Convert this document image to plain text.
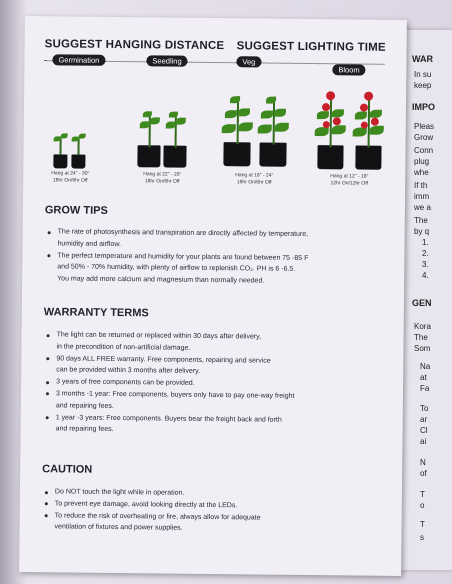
WAR
In su
keep
IMPO
Pleas
Grow
Conn
plug
whe
If th
imm
we a
The
by q
1.
2.
3.
4.
GEN
Kora
The
Som
Na
at
Fa
To
ar
Cl
ai
N
of
T
o
T
s
SUGGEST HANGING DISTANCE SUGGEST LIGHTING TIME
Germination	Seedling	Veg
Bloom
Hang at 24" - 30"
18hr On/6hr Off
Hang at 22" - 26"
18hr On/6hr Off
Hang at 18" - 24"
18hr On/6hr Off
Hang at 12" - 18"
12hr On/12hr Off
GROW TIPS
The rate of photosynthesis and transpiration are directly affected by temperature,
humidity and airflow.
The perfect temperature and humidity for your plants are found between 75 -85 F
and 50% - 70% humidity, with plenty of airflow to replenish CO₂. PH is 6 -6.5.
You may add more calcium and magnesium than normally needed.
WARRANTY TERMS
The light can be returned or replaced within 30 days after delivery,
in the precondition of non-artificial damage.
90 days ALL FREE warranty. Free components, repairing and service
can be provided within 3 months after delivery.
3 years of free components can be provided.
3 months -1 year: Free components, buyers only have to pay one-way freight
and repairing fees.
1 year -3 years: Free components. Buyers bear the freight back and forth
and repairing fees.
CAUTION
Do NOT touch the light while in operation.
To prevent eye damage, avoid looking directly at the LEDs.
To reduce the risk of overheating or fire, always allow for adequate
ventilation of fixtures and power supplies.
